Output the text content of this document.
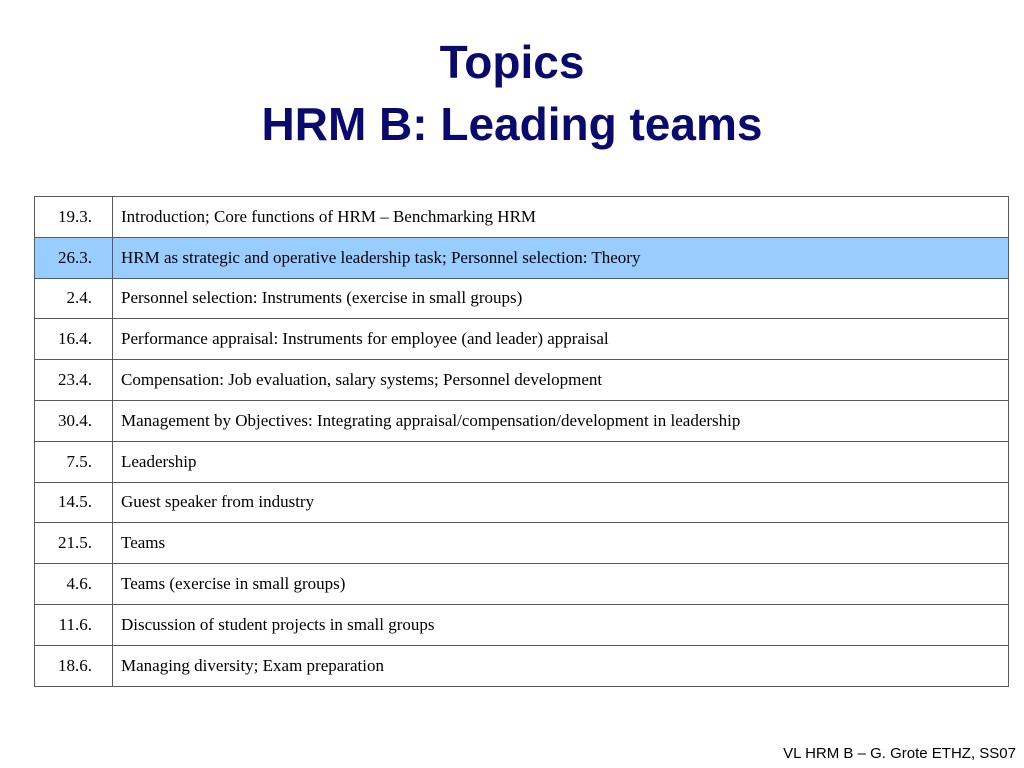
Topics
HRM B: Leading teams
19.3.	Introduction; Core functions of HRM – Benchmarking HRM
26.3.	HRM as strategic and operative leadership task; Personnel selection: Theory
2.4.	Personnel selection: Instruments (exercise in small groups)
16.4.	Performance appraisal: Instruments for employee (and leader) appraisal
23.4.	Compensation: Job evaluation, salary systems; Personnel development
30.4.	Management by Objectives: Integrating appraisal/compensation/development in leadership
7.5.	Leadership
14.5.	Guest speaker from industry
21.5.	Teams
4.6.	Teams (exercise in small groups)
11.6.	Discussion of student projects in small groups
18.6.	Managing diversity; Exam preparation
VL HRM B – G. Grote ETHZ, SS07
